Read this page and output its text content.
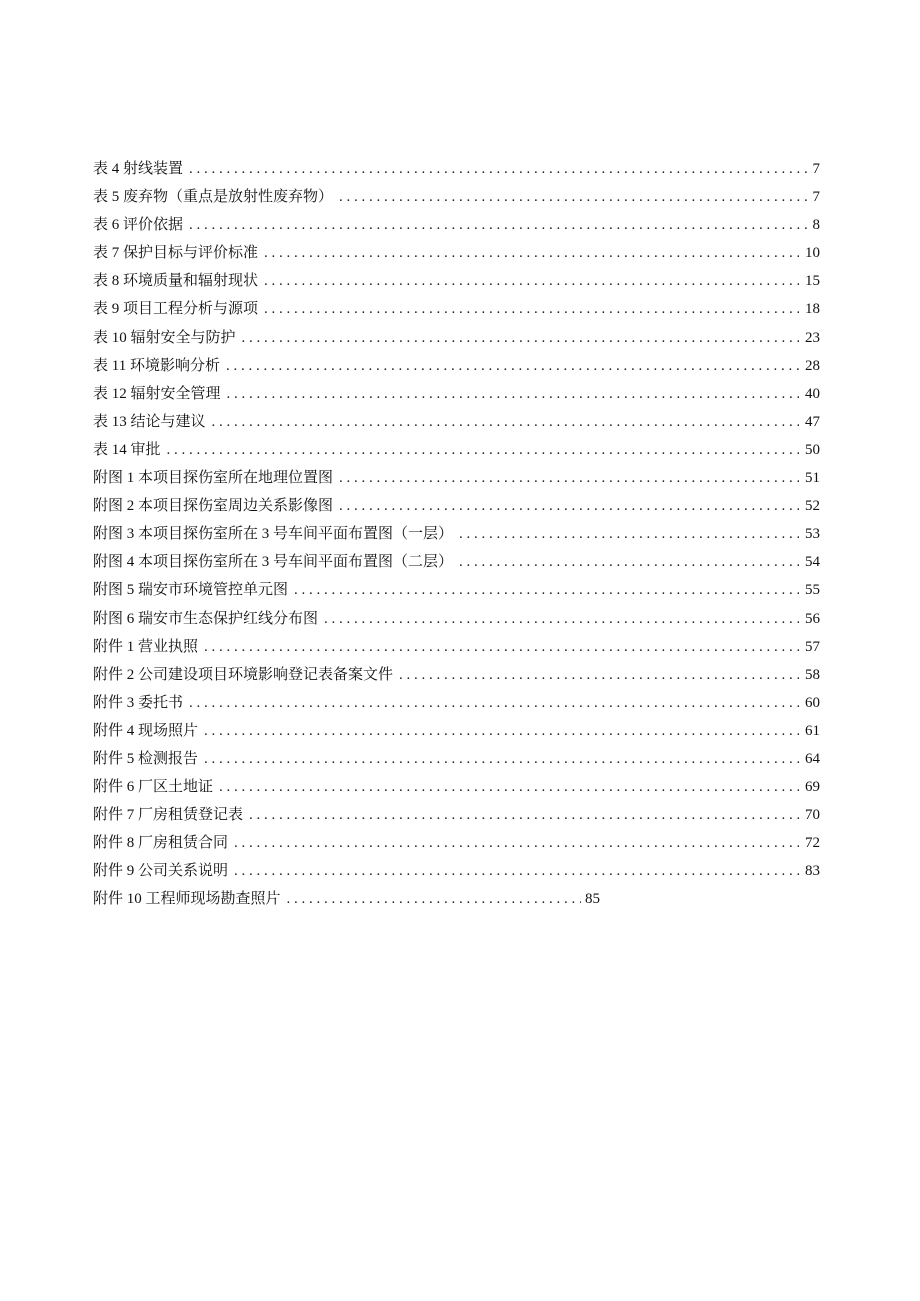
表 4 射线装置 . . .	7
表 5 废弃物（重点是放射性废弃物） . . .	7
表 6 评价依据 . . .	8
表 7 保护目标与评价标准 . . .	10
表 8 环境质量和辐射现状 . . .	15
表 9 项目工程分析与源项 . . .	18
表 10 辐射安全与防护 . . .	23
表 11 环境影响分析 . . .	28
表 12 辐射安全管理 . . .	40
表 13 结论与建议 . . .	47
表 14 审批 . . .	50
附图 1 本项目探伤室所在地理位置图 . . .	51
附图 2 本项目探伤室周边关系影像图 . . .	52
附图 3 本项目探伤室所在 3 号车间平面布置图（一层） . . .	53
附图 4 本项目探伤室所在 3 号车间平面布置图（二层） . . .	54
附图 5 瑞安市环境管控单元图 . . .	55
附图 6 瑞安市生态保护红线分布图 . . .	56
附件 1 营业执照 . . .	57
附件 2 公司建设项目环境影响登记表备案文件 . . .	58
附件 3 委托书 . . .	60
附件 4 现场照片 . . .	61
附件 5 检测报告 . . .	64
附件 6 厂区土地证 . . .	69
附件 7 厂房租赁登记表 . . .	70
附件 8 厂房租赁合同 . . .	72
附件 9 公司关系说明 . . .	83
附件 10 工程师现场勘查照片 . . .	85
